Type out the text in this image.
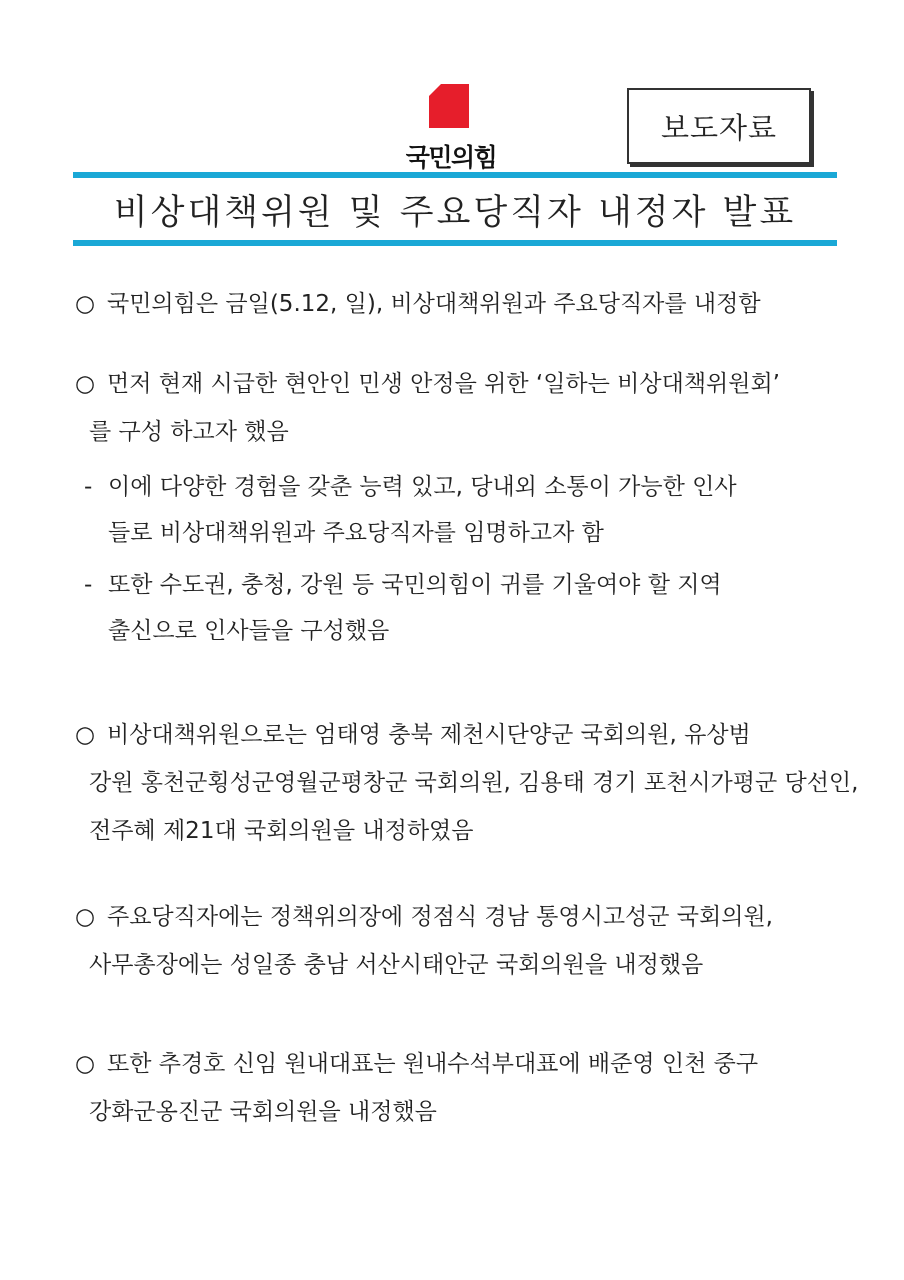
국민의힘
보도자료
비상대책위원 및 주요당직자 내정자 발표
○ 국민의힘은 금일(5.12, 일), 비상대책위원과 주요당직자를 내정함
○ 먼저 현재 시급한 현안인 민생 안정을 위한 ‘일하는 비상대책위원회’
를 구성 하고자 했음
- 이에 다양한 경험을 갖춘 능력 있고, 당내외 소통이 가능한 인사
들로 비상대책위원과 주요당직자를 임명하고자 함
- 또한 수도권, 충청, 강원 등 국민의힘이 귀를 기울여야 할 지역
출신으로 인사들을 구성했음
○ 비상대책위원으로는 엄태영 충북 제천시단양군 국회의원, 유상범
강원 홍천군횡성군영월군평창군 국회의원, 김용태 경기 포천시가평군 당선인,
전주혜 제21대 국회의원을 내정하였음
○ 주요당직자에는 정책위의장에 정점식 경남 통영시고성군 국회의원,
사무총장에는 성일종 충남 서산시태안군 국회의원을 내정했음
○ 또한 추경호 신임 원내대표는 원내수석부대표에 배준영 인천 중구
강화군옹진군 국회의원을 내정했음
